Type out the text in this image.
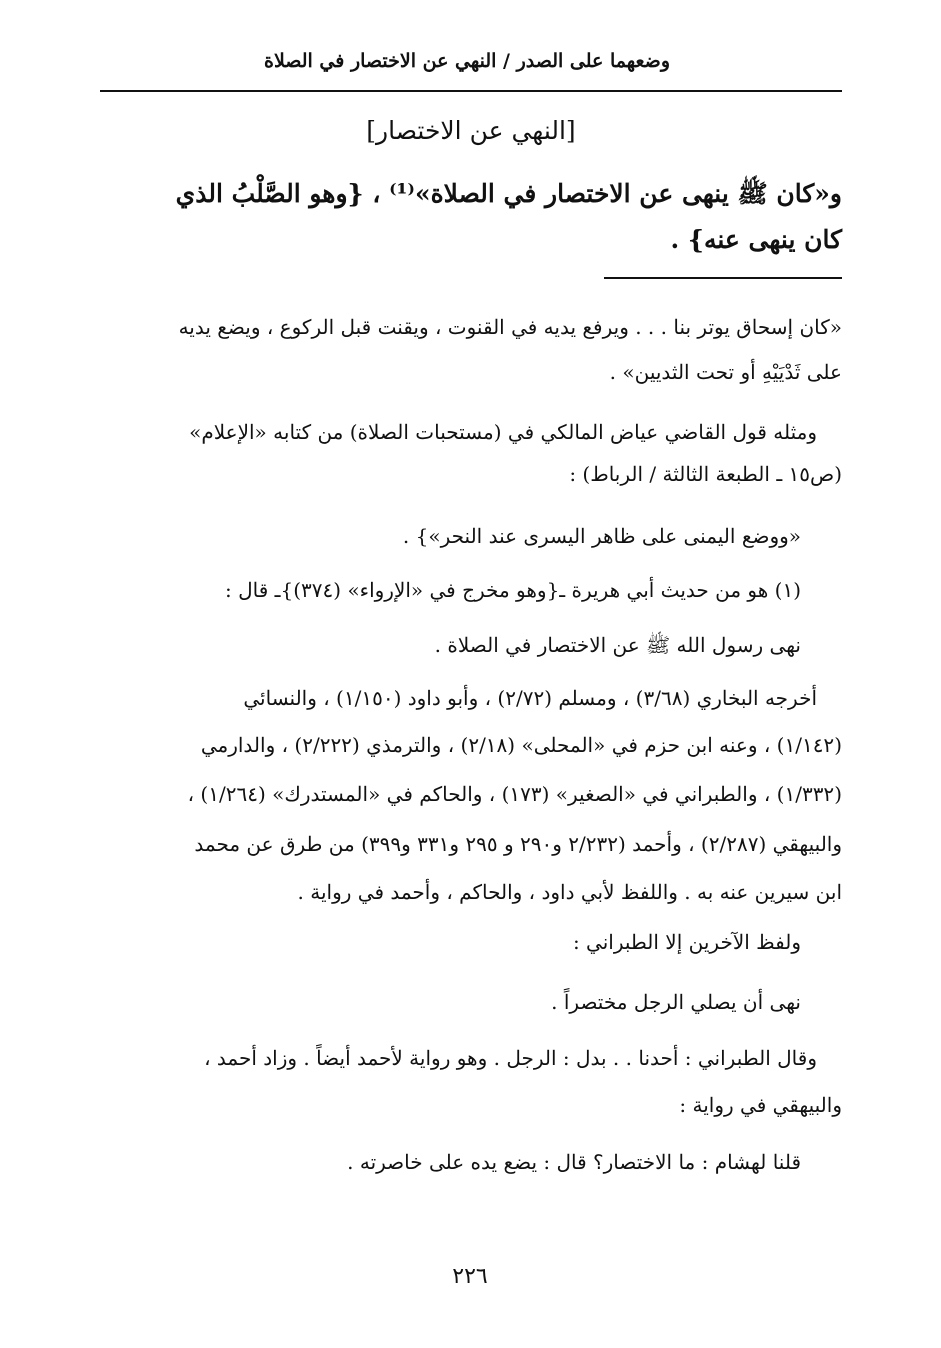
وضعهما على الصدر / النهي عن الاختصار في الصلاة
[النهي عن الاختصار]
و«كان ﷺ ينهى عن الاختصار في الصلاة»⁽¹⁾ ، {وهو الصَّلْبُ الذي
كان ينهى عنه} .
«كان إسحاق يوتر بنا . . . ويرفع يديه في القنوت ، ويقنت قبل الركوع ، ويضع يديه
على ثَدْيَيْهِ أو تحت الثديين» .
ومثله قول القاضي عياض المالكي في (مستحبات الصلاة) من كتابه «الإعلام»
(ص١٥ ـ الطبعة الثالثة / الرباط) :
«ووضع اليمنى على ظاهر اليسرى عند النحر»} .
(١) هو من حديث أبي هريرة ـ{وهو مخرج في «الإرواء» (٣٧٤)}ـ قال :
نهى رسول الله ﷺ عن الاختصار في الصلاة .
أخرجه البخاري (٣/٦٨) ، ومسلم (٢/٧٢) ، وأبو داود (١/١٥٠) ، والنسائي
(١/١٤٢) ، وعنه ابن حزم في «المحلى» (٢/١٨) ، والترمذي (٢/٢٢٢) ، والدارمي
(١/٣٣٢) ، والطبراني في «الصغير» (١٧٣) ، والحاكم في «المستدرك» (١/٢٦٤) ،
والبيهقي (٢/٢٨٧) ، وأحمد (٢/٢٣٢ و٢٩٠ و ٢٩٥ و٣٣١ و٣٩٩) من طرق عن محمد
ابن سيرين عنه به . واللفظ لأبي داود ، والحاكم ، وأحمد في رواية .
ولفظ الآخرين إلا الطبراني :
نهى أن يصلي الرجل مختصراً .
وقال الطبراني : أحدنا . . بدل : الرجل . وهو رواية لأحمد أيضاً . وزاد أحمد ،
والبيهقي في رواية :
قلنا لهشام : ما الاختصار؟ قال : يضع يده على خاصرته .
٢٢٦
